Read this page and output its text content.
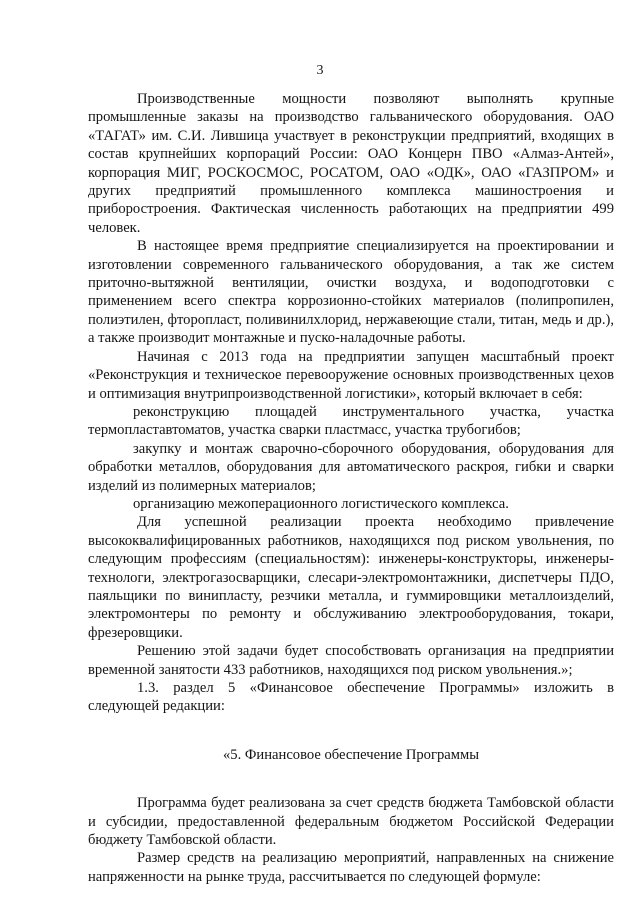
3

Производственные мощности позволяют выполнять крупные промышленные заказы на производство гальванического оборудования. ОАО «ТАГАТ» им. С.И. Лившица участвует в реконструкции предприятий, входящих в состав крупнейших корпораций России: ОАО Концерн ПВО «Алмаз-Антей», корпорация МИГ, РОСКОСМОС, РОСАТОМ, ОАО «ОДК», ОАО «ГАЗПРОМ» и других предприятий промышленного комплекса машиностроения и приборостроения. Фактическая численность работающих на предприятии 499 человек.

В настоящее время предприятие специализируется на проектировании и изготовлении современного гальванического оборудования, а так же систем приточно-вытяжной вентиляции, очистки воздуха, и водоподготовки с применением всего спектра коррозионно-стойких материалов (полипропилен, полиэтилен, фторопласт, поливинилхлорид, нержавеющие стали, титан, медь и др.), а также производит монтажные и пуско-наладочные работы.

Начиная с 2013 года на предприятии запущен масштабный проект «Реконструкция и техническое перевооружение основных производственных цехов и оптимизация внутрипроизводственной логистики», который включает в себя:

реконструкцию площадей инструментального участка, участка термопластавтоматов, участка сварки пластмасс, участка трубогибов;

закупку и монтаж сварочно-сборочного оборудования, оборудования для обработки металлов, оборудования для автоматического раскроя, гибки и сварки изделий из полимерных материалов;

организацию межоперационного логистического комплекса.

Для успешной реализации проекта необходимо привлечение высококвалифицированных работников, находящихся под риском увольнения, по следующим профессиям (специальностям): инженеры-конструкторы, инженеры-технологи, электрогазосварщики, слесари-электромонтажники, диспетчеры ПДО, паяльщики по винипласту, резчики металла, и гуммировщики металлоизделий, электромонтеры по ремонту и обслуживанию электрооборудования, токари, фрезеровщики.

Решению этой задачи будет способствовать организация на предприятии временной занятости 433 работников, находящихся под риском увольнения.»;

1.3. раздел 5 «Финансовое обеспечение Программы» изложить в следующей редакции:

«5. Финансовое обеспечение Программы

Программа будет реализована за счет средств бюджета Тамбовской области и субсидии, предоставленной федеральным бюджетом Российской Федерации бюджету Тамбовской области.

Размер средств на реализацию мероприятий, направленных на снижение напряженности на рынке труда, рассчитывается по следующей формуле:
